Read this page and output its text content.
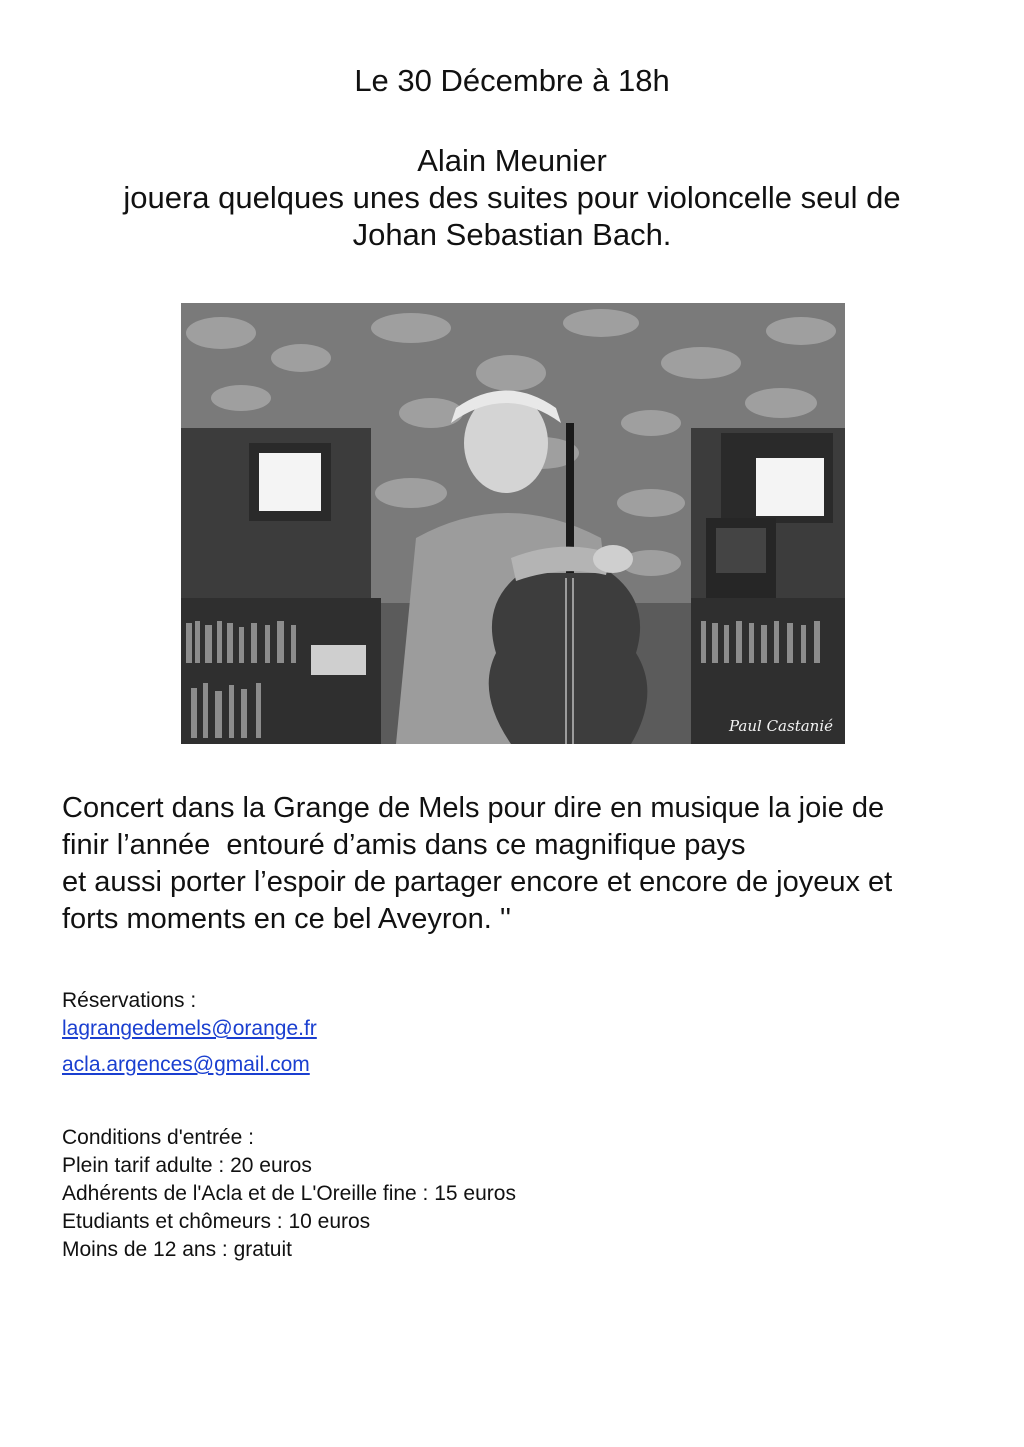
Le 30 Décembre à 18h
Alain Meunier
jouera quelques unes des suites pour violoncelle seul de
Johan Sebastian Bach.
Paul Castanié
Concert dans la Grange de Mels pour dire en musique la joie de
finir l’année  entouré d’amis dans ce magnifique pays
et aussi porter l’espoir de partager encore et encore de joyeux et
forts moments en ce bel Aveyron. ''
Réservations :
lagrangedemels@orange.fr
acla.argences@gmail.com
Conditions d'entrée :
Plein tarif adulte : 20 euros
Adhérents de l'Acla et de L'Oreille fine : 15 euros
Etudiants et chômeurs : 10 euros
Moins de 12 ans : gratuit
